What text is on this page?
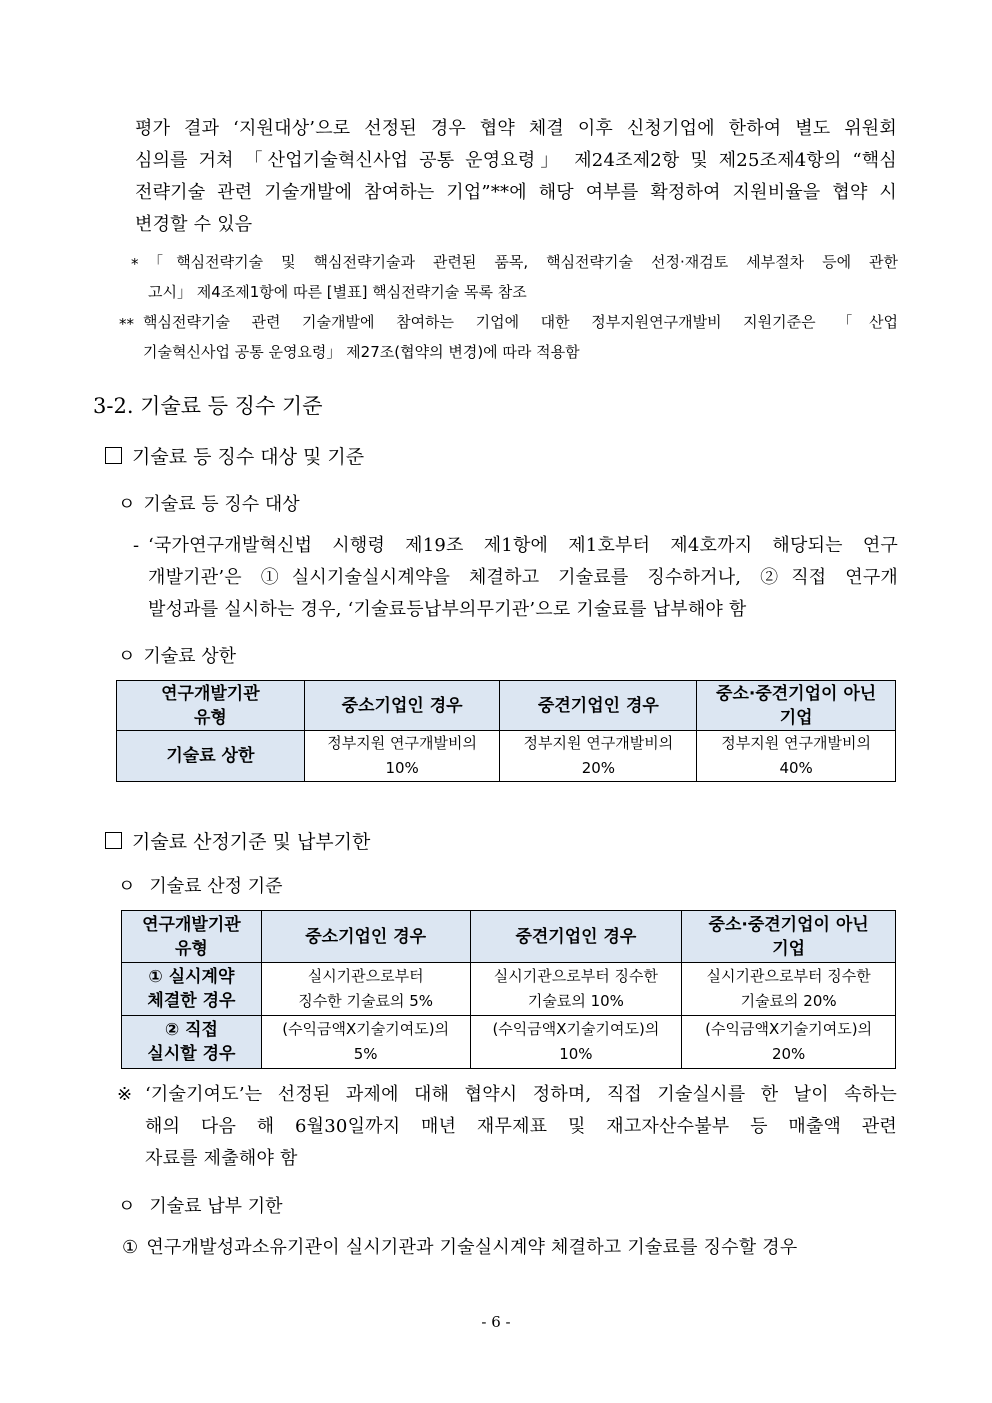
평가 결과 ‘지원대상’으로 선정된 경우 협약 체결 이후 신청기업에 한하여 별도 위원회
심의를 거쳐 「산업기술혁신사업 공통 운영요령」 제24조제2항 및 제25조제4항의 “핵심
전략기술 관련 기술개발에 참여하는 기업”**에 해당 여부를 확정하여 지원비율을 협약 시
변경할 수 있음
* 「핵심전략기술 및 핵심전략기술과 관련된 품목, 핵심전략기술 선정·재검토 세부절차 등에 관한
고시」 제4조제1항에 따른 [별표] 핵심전략기술 목록 참조
** 핵심전략기술 관련 기술개발에 참여하는 기업에 대한 정부지원연구개발비 지원기준은 「산업
기술혁신사업 공통 운영요령」 제27조(협약의 변경)에 따라 적용함
3-2. 기술료 등 징수 기준
기술료 등 징수 대상 및 기준
ㅇ 기술료 등 징수 대상
- ‘국가연구개발혁신법 시행령 제19조 제1항에 제1호부터 제4호까지 해당되는 연구
개발기관’은 ①실시기술실시계약을 체결하고 기술료를 징수하거나, ②직접 연구개
발성과를 실시하는 경우, ‘기술료등납부의무기관’으로 기술료를 납부해야 함
ㅇ 기술료 상한
연구개발기관
유형	중소기업인 경우	중견기업인 경우	중소·중견기업이 아닌
기업
기술료 상한	정부지원 연구개발비의
10%	정부지원 연구개발비의
20%	정부지원 연구개발비의
40%
기술료 산정기준 및 납부기한
ㅇ 기술료 산정 기준
연구개발기관
유형	중소기업인 경우	중견기업인 경우	중소·중견기업이 아닌
기업
① 실시계약
체결한 경우	실시기관으로부터
징수한 기술료의 5%	실시기관으로부터 징수한
기술료의 10%	실시기관으로부터 징수한
기술료의 20%
② 직접
실시할 경우	(수익금액X기술기여도)의
5%	(수익금액X기술기여도)의
10%	(수익금액X기술기여도)의
20%
※ ‘기술기여도’는 선정된 과제에 대해 협약시 정하며, 직접 기술실시를 한 날이 속하는
해의 다음 해 6월30일까지 매년 재무제표 및 재고자산수불부 등 매출액 관련
자료를 제출해야 함
ㅇ 기술료 납부 기한
① 연구개발성과소유기관이 실시기관과 기술실시계약 체결하고 기술료를 징수할 경우
- 6 -
